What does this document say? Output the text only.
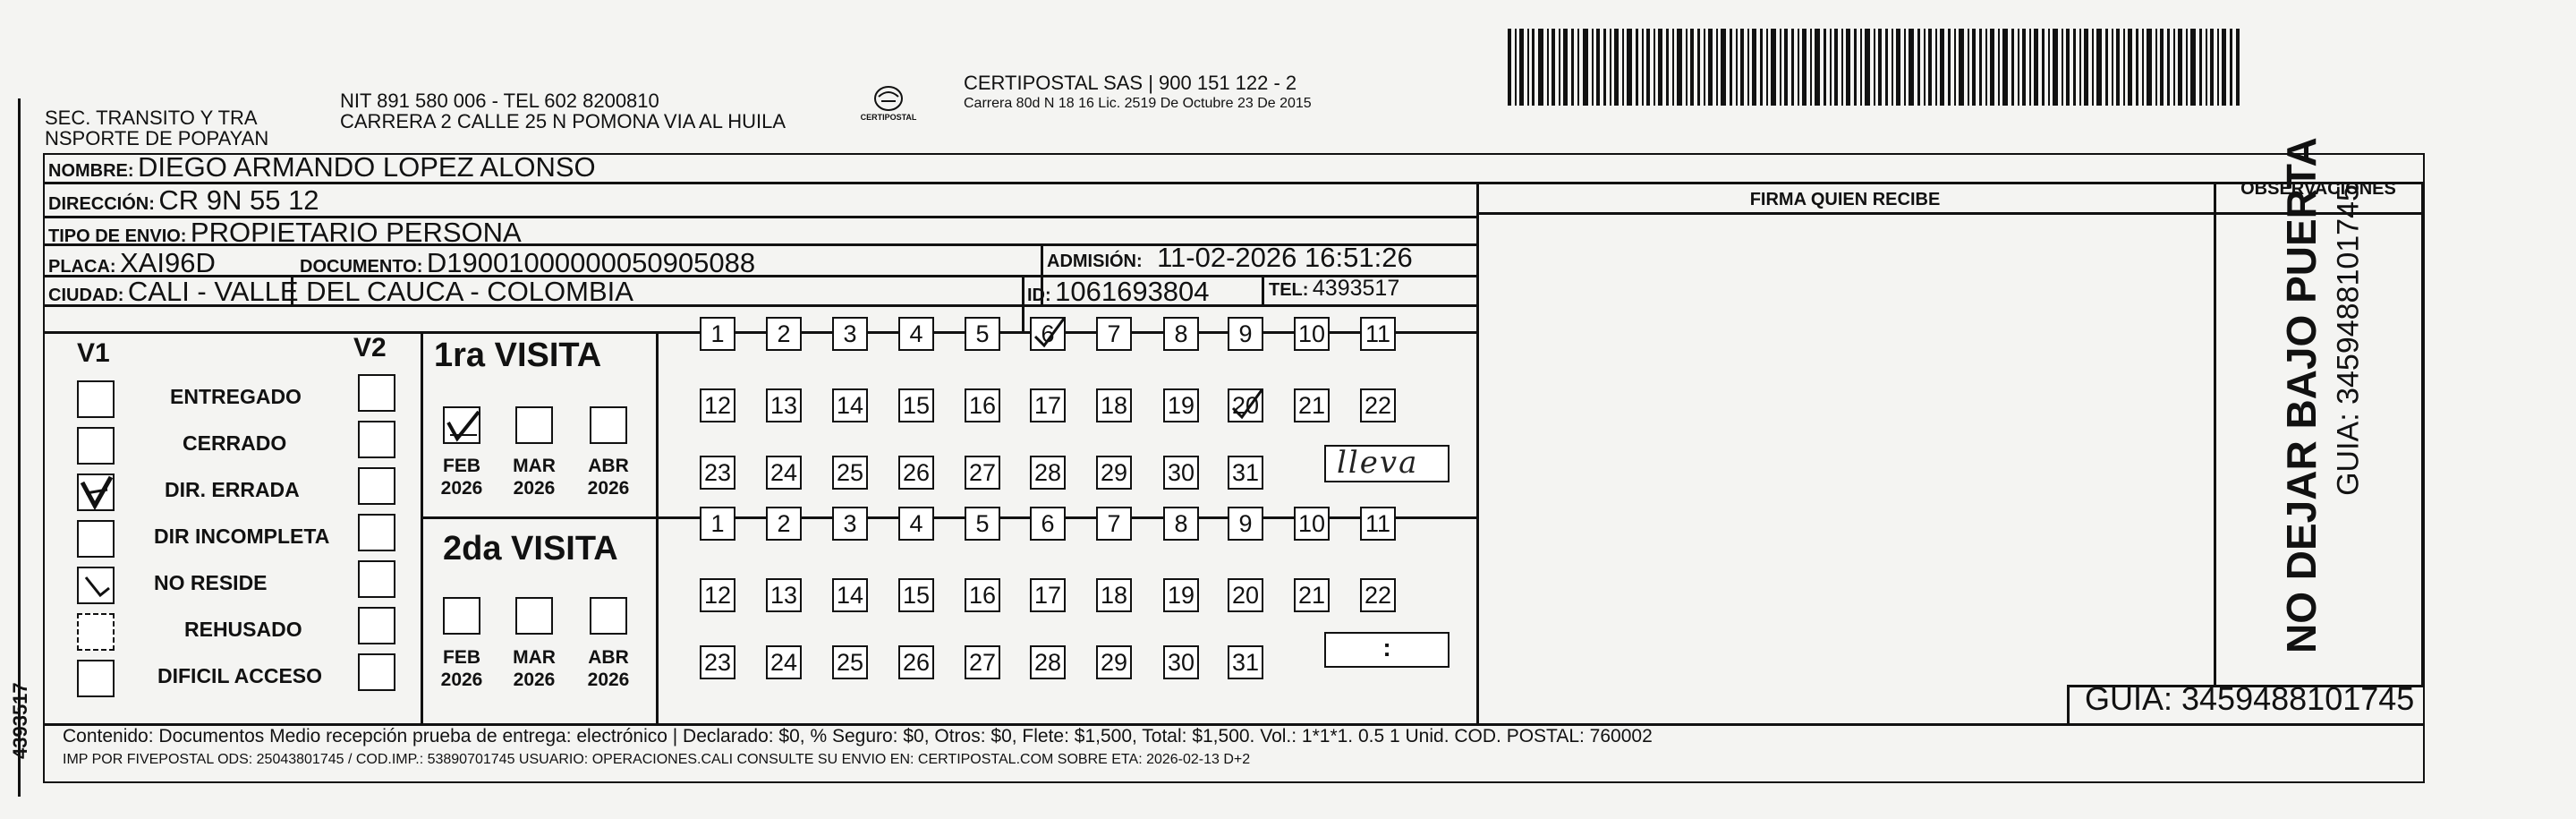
4393517
SEC. TRANSITO Y TRA
NSPORTE DE POPAYAN
NIT 891 580 006 - TEL 602 8200810
CARRERA 2 CALLE 25 N POMONA VIA AL HUILA	CERTIPOSTAL
CERTIPOSTAL SAS | 900 151 122 - 2
Carrera 80d N 18 16 Lic. 2519 De Octubre 23 De 2015
NOMBRE: DIEGO ARMANDO LOPEZ ALONSO
DIRECCIÓN: CR 9N 55 12
TIPO DE ENVIO: PROPIETARIO PERSONA
PLACA: XAI96D	DOCUMENTO: D19001000000050905088	ADMISIÓN: 11-02-2026 16:51:26
CIUDAD: CALI - VALLE DEL CAUCA - COLOMBIA	ID: 1061693804	TEL: 4393517
FIRMA QUIEN RECIBE
OBSERVACIONES
V1	V2
ENTREGADO
CERRADO
DIR. ERRADA
DIR INCOMPLETA
NO RESIDE
REHUSADO
DIFICIL ACCESO
1ra VISITA
2da VISITA
FEB
2026
MAR
2026
ABR
2026
FEB
2026
MAR
2026
ABR
2026
1	2	3	4	5	6	7	8	9	10 11
12 13 14 15 16 17 18 19 20 21 22
23 24 25 26 27 28 29 30 31
1	2	3	4	5	6	7	8	9	10 11
12 13 14 15 16 17 18 19 20 21 22
23 24 25 26 27 28 29 30 31
lleva
:
Contenido: Documentos Medio recepción prueba de entrega: electrónico | Declarado: $0, % Seguro: $0, Otros: $0, Flete: $1,500, Total: $1,500. Vol.: 1*1*1. 0.5 1 Unid. COD. POSTAL: 760002
IMP POR FIVEPOSTAL ODS: 25043801745 / COD.IMP.: 53890701745 USUARIO: OPERACIONES.CALI CONSULTE SU ENVIO EN: CERTIPOSTAL.COM SOBRE ETA: 2026-02-13 D+2
GUIA: 3459488101745
NO DEJAR BAJO PUERTA GUIA: 3459488101745
